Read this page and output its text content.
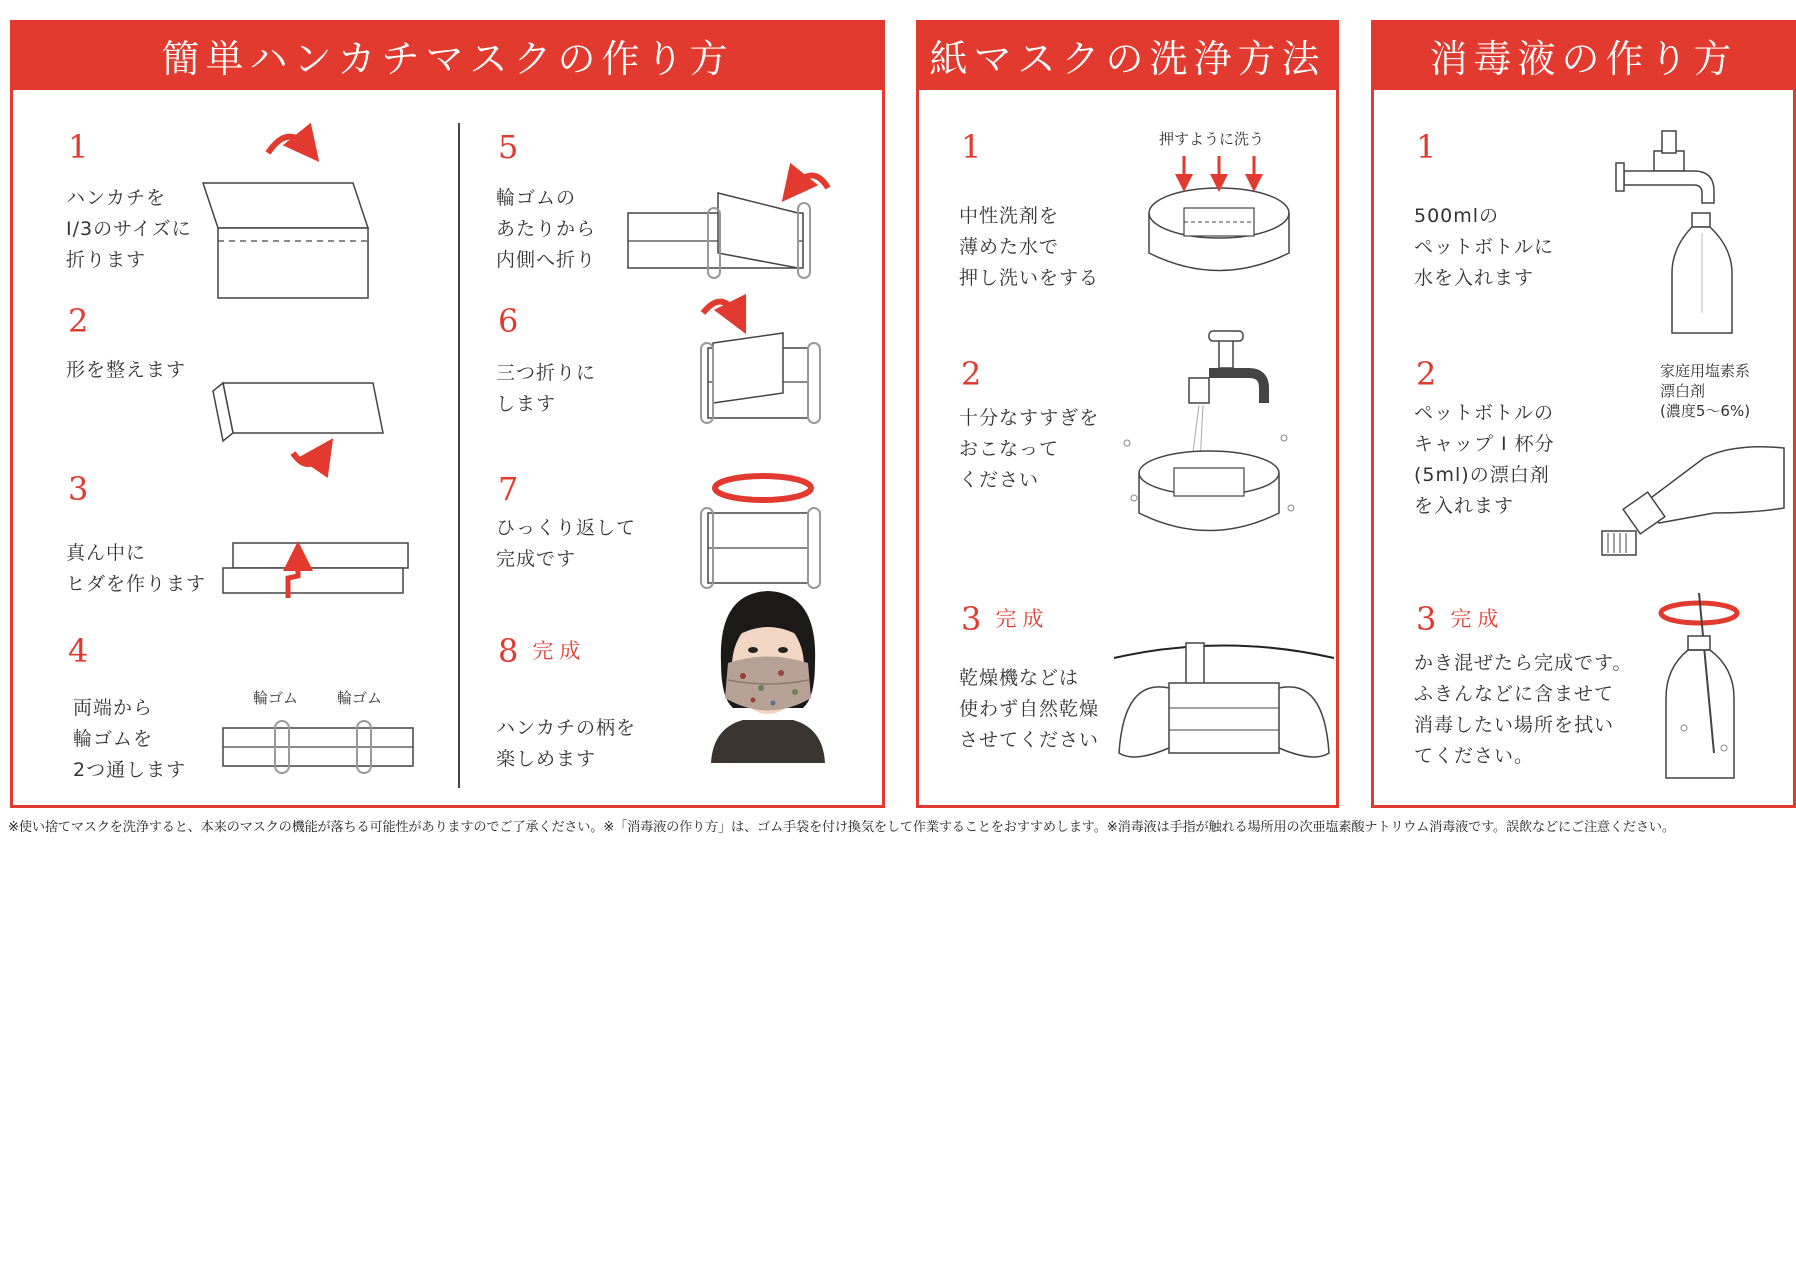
簡単ハンカチマスクの作り方
1
ハンカチを
I/3のサイズに
折ります
2
形を整えます
3
真ん中に
ヒダを作ります
4
両端から
輪ゴムを
2つ通します
輪ゴム	輪ゴム
5
輪ゴムの
あたりから
内側へ折り
6
三つ折りに
します
7
ひっくり返して
完成です
8 完成
ハンカチの柄を
楽しめます
紙マスクの洗浄方法
1
中性洗剤を
薄めた水で
押し洗いをする
押すように洗う
2
十分なすすぎを
おこなって
ください
3 完成
乾燥機などは
使わず自然乾燥
させてください
消毒液の作り方
1
500mlの
ペットボトルに
水を入れます
2
ペットボトルの
キャップ I 杯分
(5ml)の漂白剤
を入れます
家庭用塩素系
漂白剤
(濃度5～6%)
3 完成
かき混ぜたら完成です。
ふきんなどに含ませて
消毒したい場所を拭い
てください。
※使い捨てマスクを洗浄すると、本来のマスクの機能が落ちる可能性がありますのでご了承ください。※「消毒液の作り方」は、ゴム手袋を付け換気をして作業することをおすすめします。※消毒液は手指が触れる場所用の次亜塩素酸ナトリウム消毒液です。誤飲などにご注意ください。
